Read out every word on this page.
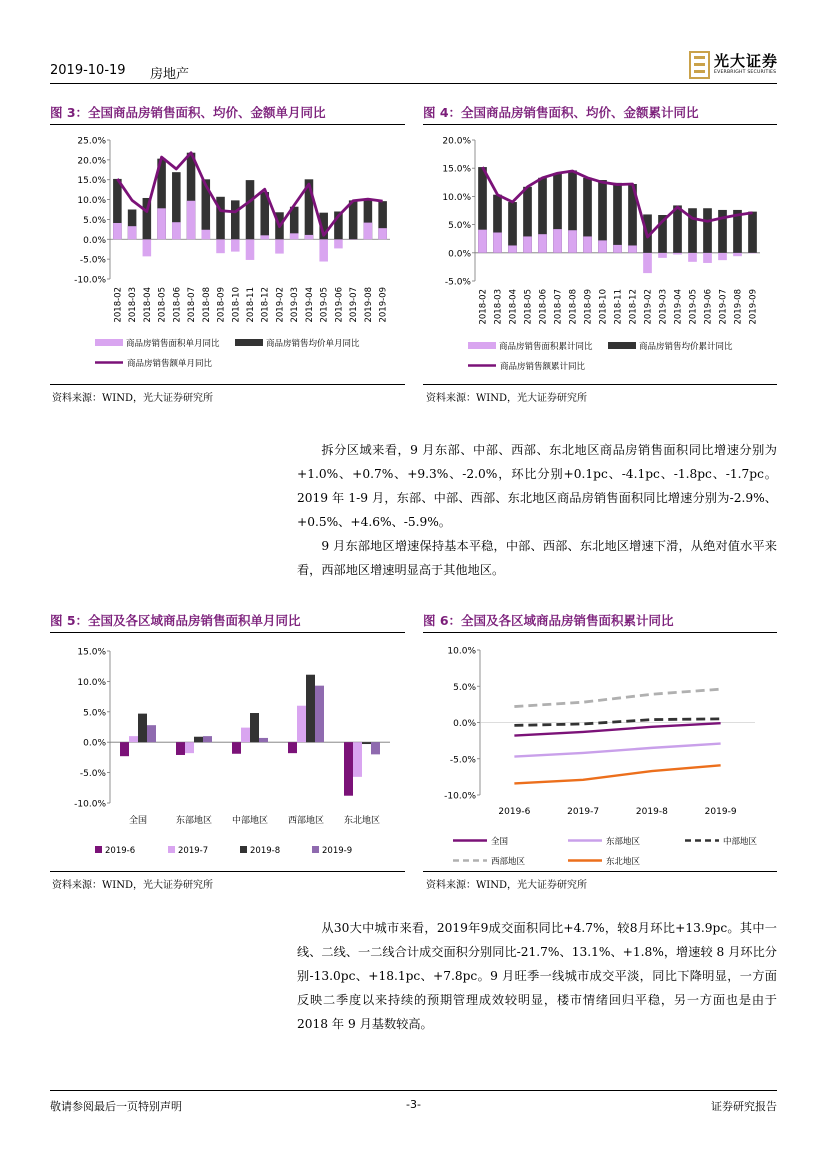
2019-10-19 房地产
光大证券
EVERBRIGHT SECURITIES
图 3：全国商品房销售面积、均价、金额单月同比
25.0%
20.0%
15.0%
10.0%
5.0%
0.0%
-5.0%
-10.0%
2018-02 2018-03 2018-04 2018-05 2018-06 2018-07 2018-08 2018-09 2018-10 2018-11 2018-12 2019-02 2019-03 2019-04 2019-05 2019-06 2019-07 2019-08 2019-09
商品房销售面积单月同比	商品房销售均价单月同比
商品房销售额单月同比
资料来源：WIND，光大证券研究所
图 4：全国商品房销售面积、均价、金额累计同比
20.0%
15.0%
10.0%
5.0%
0.0%
-5.0%
2018-02 2018-03 2018-04 2018-05 2018-06 2018-07 2018-08 2018-09 2018-10 2018-11 2018-12 2019-02 2019-03 2019-04 2019-05 2019-06 2019-07 2019-08 2019-09
商品房销售面积累计同比	商品房销售均价累计同比
商品房销售额累计同比
资料来源：WIND，光大证券研究所
拆分区域来看，9 月东部、中部、西部、东北地区商品房销售面积同比增速分别为+1.0%、+0.7%、+9.3%、-2.0%，环比分别+0.1pc、-4.1pc、-1.8pc、-1.7pc。2019 年 1-9 月，东部、中部、西部、东北地区商品房销售面积同比增速分别为-2.9%、+0.5%、+4.6%、-5.9%。
9 月东部地区增速保持基本平稳，中部、西部、东北地区增速下滑，从绝对值水平来看，西部地区增速明显高于其他地区。
图 5：全国及各区域商品房销售面积单月同比
15.0%
10.0%
5.0%
0.0%
-5.0%
-10.0%
全国	东部地区 中部地区 西部地区 东北地区
2019-6	2019-7	2019-8	2019-9
资料来源：WIND，光大证券研究所
图 6：全国及各区域商品房销售面积累计同比
10.0%
5.0%
0.0%
-5.0%
-10.0%
2019-6	2019-7	2019-8	2019-9
全国	东部地区	中部地区
西部地区	东北地区
资料来源：WIND，光大证券研究所
从30大中城市来看，2019年9成交面积同比+4.7%，较8月环比+13.9pc。其中一线、二线、一二线合计成交面积分别同比-21.7%、13.1%、+1.8%，增速较 8 月环比分别-13.0pc、+18.1pc、+7.8pc。9 月旺季一线城市成交平淡，同比下降明显，一方面反映二季度以来持续的预期管理成效较明显，楼市情绪回归平稳，另一方面也是由于 2018 年 9 月基数较高。
敬请参阅最后一页特别声明	-3-	证券研究报告
